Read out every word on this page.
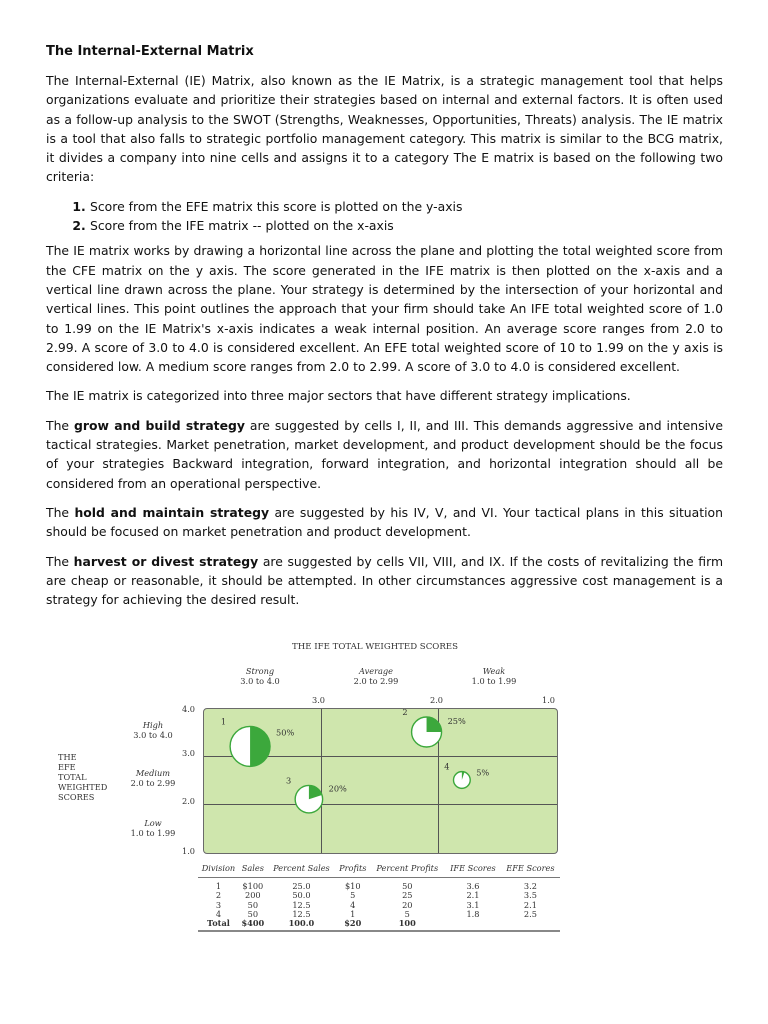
The Internal-External Matrix

The Internal-External (IE) Matrix, also known as the IE Matrix, is a strategic management tool that helps organizations evaluate and prioritize their strategies based on internal and external factors. It is often used as a follow-up analysis to the SWOT (Strengths, Weaknesses, Opportunities, Threats) analysis. The IE matrix is a tool that also falls to strategic portfolio management category. This matrix is similar to the BCG matrix, it divides a company into nine cells and assigns it to a category The E matrix is based on the following two criteria:

1. Score from the EFE matrix this score is plotted on the y-axis
2. Score from the IFE matrix -- plotted on the x-axis

The IE matrix works by drawing a horizontal line across the plane and plotting the total weighted score from the CFE matrix on the y axis. The score generated in the IFE matrix is then plotted on the x-axis and a vertical line drawn across the plane. Your strategy is determined by the intersection of your horizontal and vertical lines. This point outlines the approach that your firm should take An IFE total weighted score of 1.0 to 1.99 on the IE Matrix's x-axis indicates a weak internal position. An average score ranges from 2.0 to 2.99. A score of 3.0 to 4.0 is considered excellent. An EFE total weighted score of 10 to 1.99 on the y axis is considered low. A medium score ranges from 2.0 to 2.99. A score of 3.0 to 4.0 is considered excellent.

The IE matrix is categorized into three major sectors that have different strategy implications.

The grow and build strategy are suggested by cells I, II, and III. This demands aggressive and intensive tactical strategies. Market penetration, market development, and product development should be the focus of your strategies Backward integration, forward integration, and horizontal integration should all be considered from an operational perspective.

The hold and maintain strategy are suggested by his IV, V, and VI. Your tactical plans in this situation should be focused on market penetration and product development.

The harvest or divest strategy are suggested by cells VII, VIII, and IX. If the costs of revitalizing the firm are cheap or reasonable, it should be attempted. In other circumstances aggressive cost management is a strategy for achieving the desired result.

THE IFE TOTAL WEIGHTED SCORES
Strong
3.0 to 4.0
Average
2.0 to 2.99
Weak
1.0 to 1.99
3.0	2.0	1.0
4.0
3.0
2.0
1.0
THE
EFE
TOTAL
WEIGHTED
SCORES
High
3.0 to 4.0
Medium
2.0 to 2.99
Low
1.0 to 1.99
1
50%
2
25%
3
20%
4
5%
Division	Sales	Percent Sales	Profits	Percent Profits	IFE Scores	EFE Scores
1	$100	25.0	$10	50	3.6	3.2
2	200	50.0	5	25	2.1	3.5
3	50	12.5	4	20	3.1	2.1
4	50	12.5	1	5	1.8	2.5
Total	$400	100.0	$20	100		
